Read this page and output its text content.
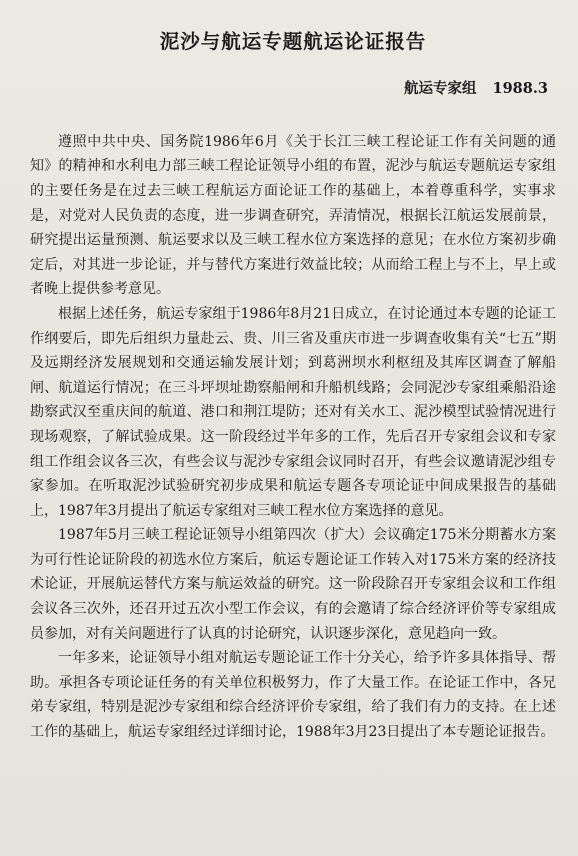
泥沙与航运专题航运论证报告
航运专家组 1988.3

遵照中共中央、国务院1986年6月《关于长江三峡工程论证工作有关问题的通知》的精神和水利电力部三峡工程论证领导小组的布置，泥沙与航运专题航运专家组的主要任务是在过去三峡工程航运方面论证工作的基础上，本着尊重科学，实事求是，对党对人民负责的态度，进一步调查研究，弄清情况，根据长江航运发展前景，研究提出运量预测、航运要求以及三峡工程水位方案选择的意见；在水位方案初步确定后，对其进一步论证，并与替代方案进行效益比较；从而给工程上与不上，早上或者晚上提供参考意见。

根据上述任务，航运专家组于1986年8月21日成立，在讨论通过本专题的论证工作纲要后，即先后组织力量赴云、贵、川三省及重庆市进一步调查收集有关“七五”期及远期经济发展规划和交通运输发展计划；到葛洲坝水利枢纽及其库区调查了解船闸、航道运行情况；在三斗坪坝址勘察船闸和升船机线路；会同泥沙专家组乘船沿途勘察武汉至重庆间的航道、港口和荆江堤防；还对有关水工、泥沙模型试验情况进行现场观察，了解试验成果。这一阶段经过半年多的工作，先后召开专家组会议和专家组工作组会议各三次，有些会议与泥沙专家组会议同时召开，有些会议邀请泥沙组专家参加。在听取泥沙试验研究初步成果和航运专题各专项论证中间成果报告的基础上，1987年3月提出了航运专家组对三峡工程水位方案选择的意见。

1987年5月三峡工程论证领导小组第四次（扩大）会议确定175米分期蓄水方案为可行性论证阶段的初选水位方案后，航运专题论证工作转入对175米方案的经济技术论证，开展航运替代方案与航运效益的研究。这一阶段除召开专家组会议和工作组会议各三次外，还召开过五次小型工作会议，有的会邀请了综合经济评价等专家组成员参加，对有关问题进行了认真的讨论研究，认识逐步深化，意见趋向一致。

一年多来，论证领导小组对航运专题论证工作十分关心，给予许多具体指导、帮助。承担各专项论证任务的有关单位积极努力，作了大量工作。在论证工作中，各兄弟专家组，特别是泥沙专家组和综合经济评价专家组，给了我们有力的支持。在上述工作的基础上，航运专家组经过详细讨论，1988年3月23日提出了本专题论证报告。
